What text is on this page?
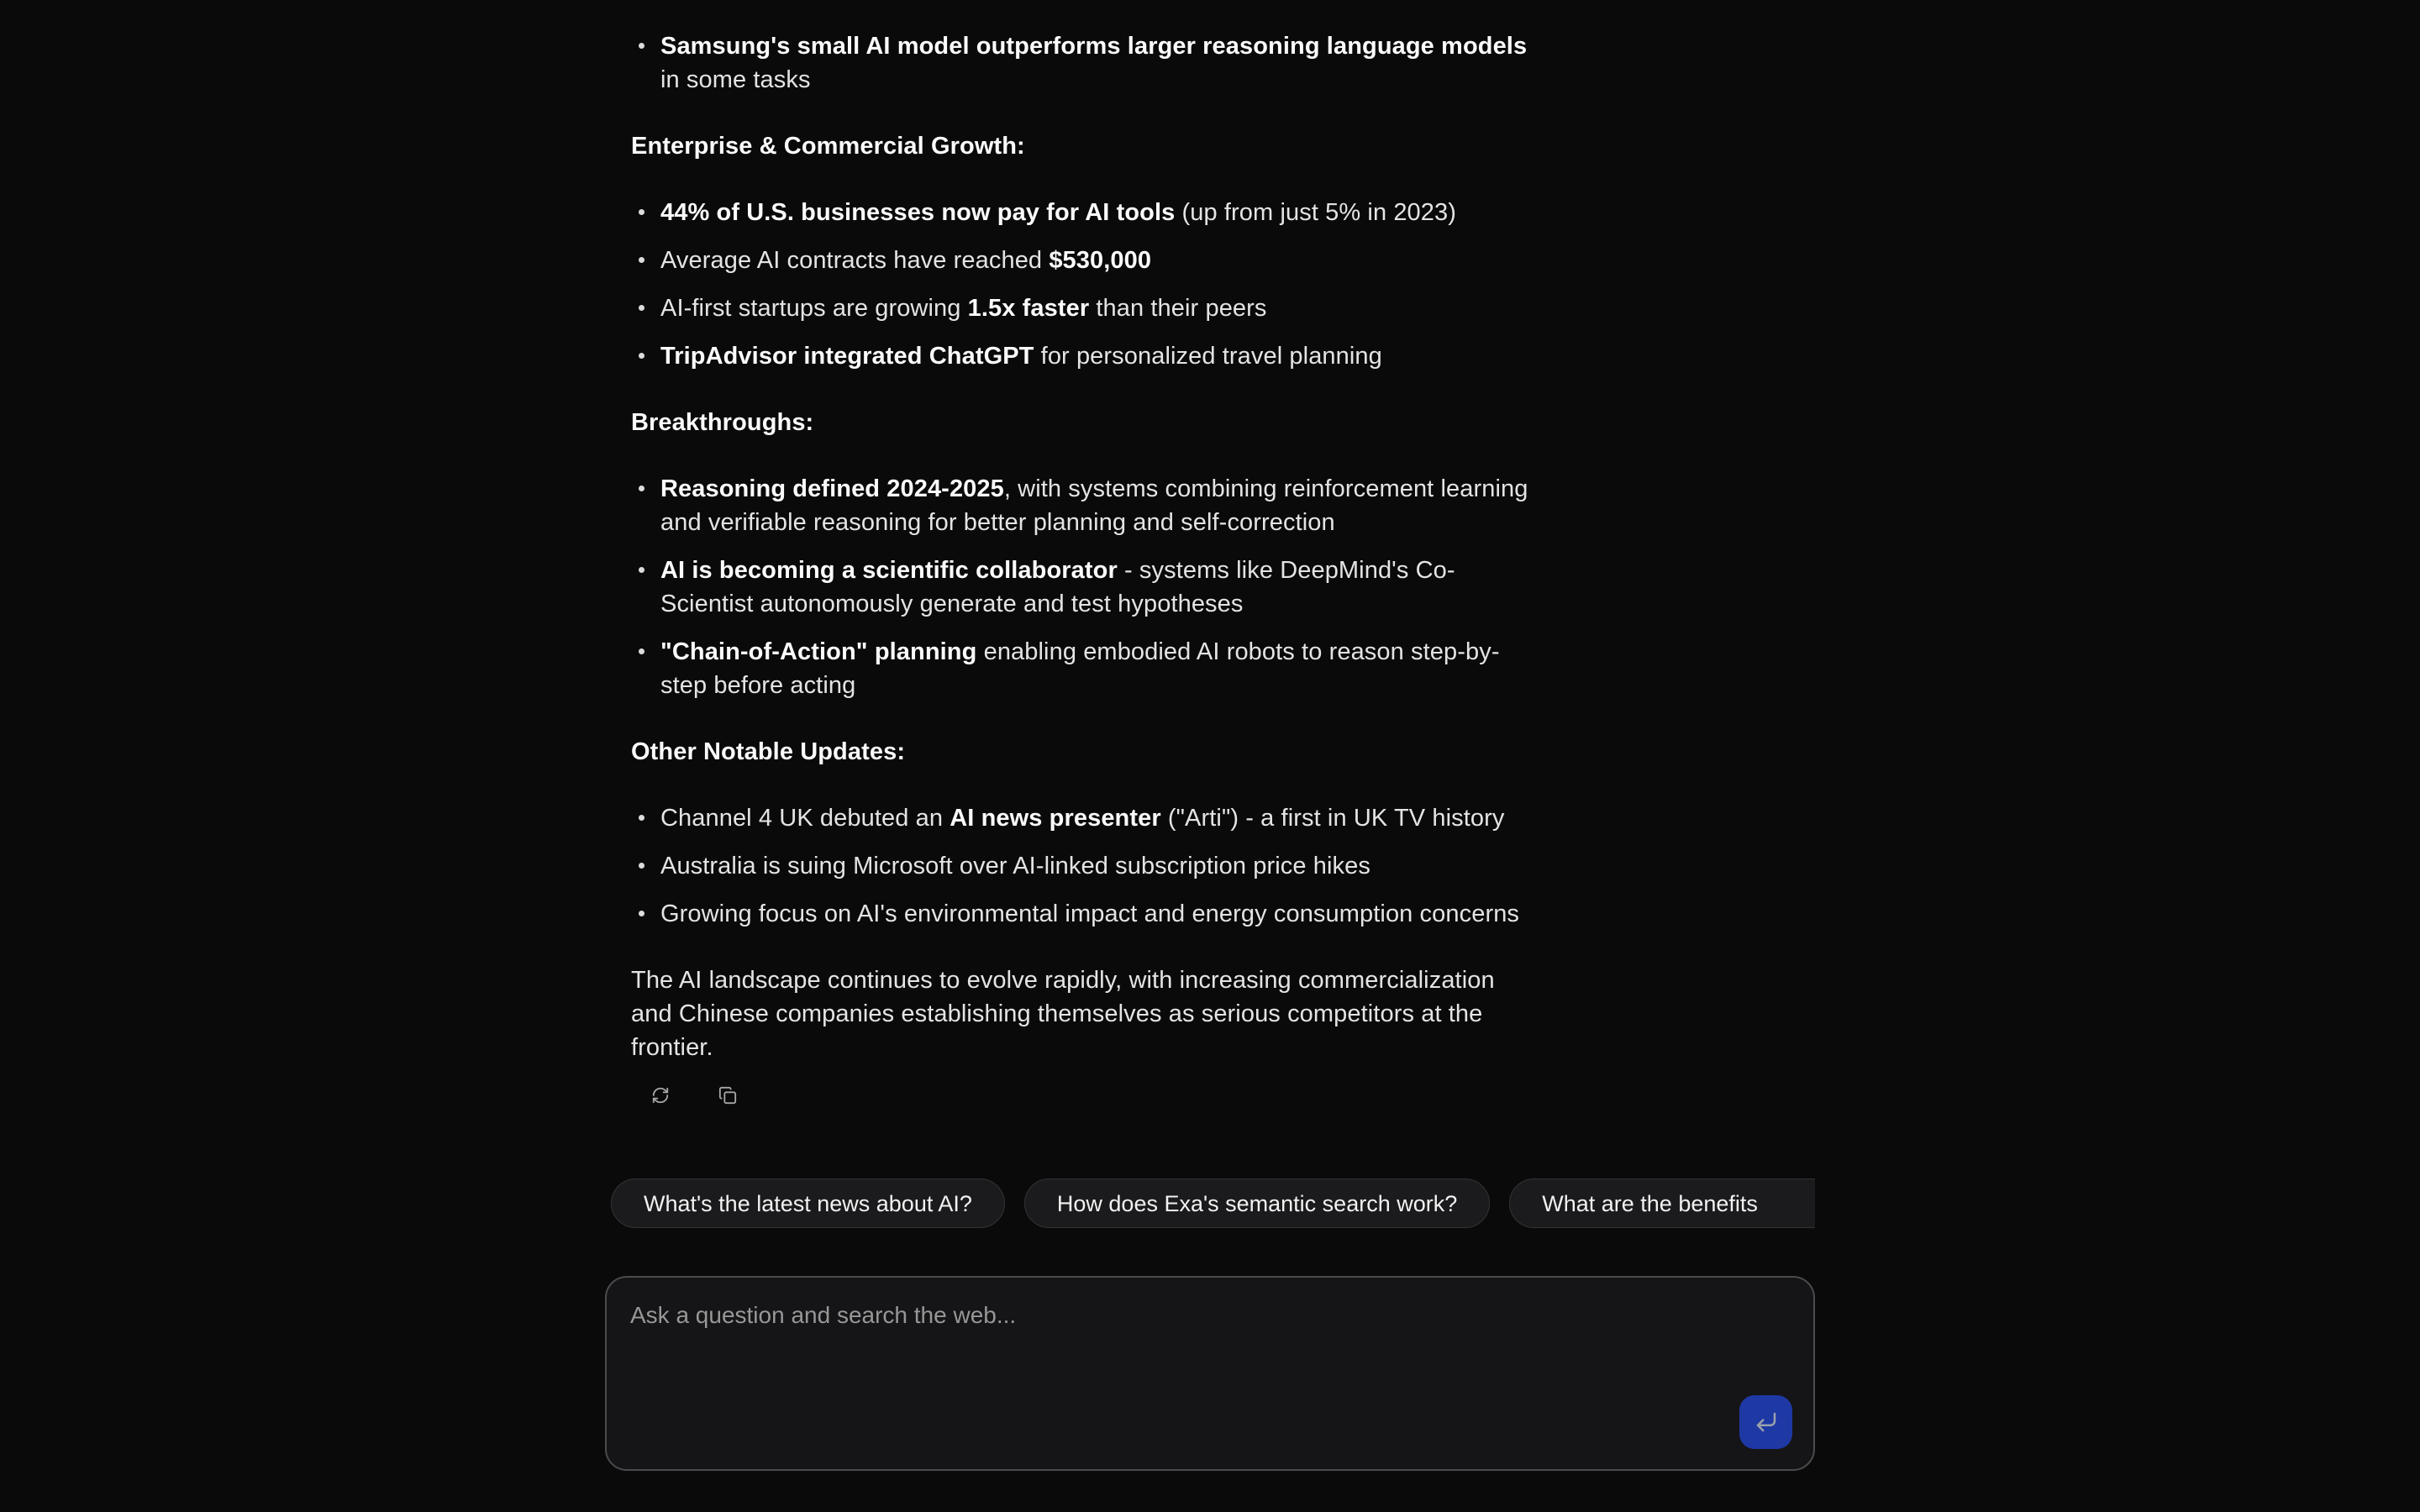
Samsung's small AI model outperforms larger reasoning language models in some tasks
Enterprise & Commercial Growth:
44% of U.S. businesses now pay for AI tools (up from just 5% in 2023)
Average AI contracts have reached $530,000
AI-first startups are growing 1.5x faster than their peers
TripAdvisor integrated ChatGPT for personalized travel planning
Breakthroughs:
Reasoning defined 2024-2025, with systems combining reinforcement learning and verifiable reasoning for better planning and self-correction
AI is becoming a scientific collaborator - systems like DeepMind's Co-Scientist autonomously generate and test hypotheses
"Chain-of-Action" planning enabling embodied AI robots to reason step-by-step before acting
Other Notable Updates:
Channel 4 UK debuted an AI news presenter ("Arti") - a first in UK TV history
Australia is suing Microsoft over AI-linked subscription price hikes
Growing focus on AI's environmental impact and energy consumption concerns

The AI landscape continues to evolve rapidly, with increasing commercialization and Chinese companies establishing themselves as serious competitors at the frontier.

What's the latest news about AI?	How does Exa's semantic search work?	What are the benefits
Ask a question and search the web...
